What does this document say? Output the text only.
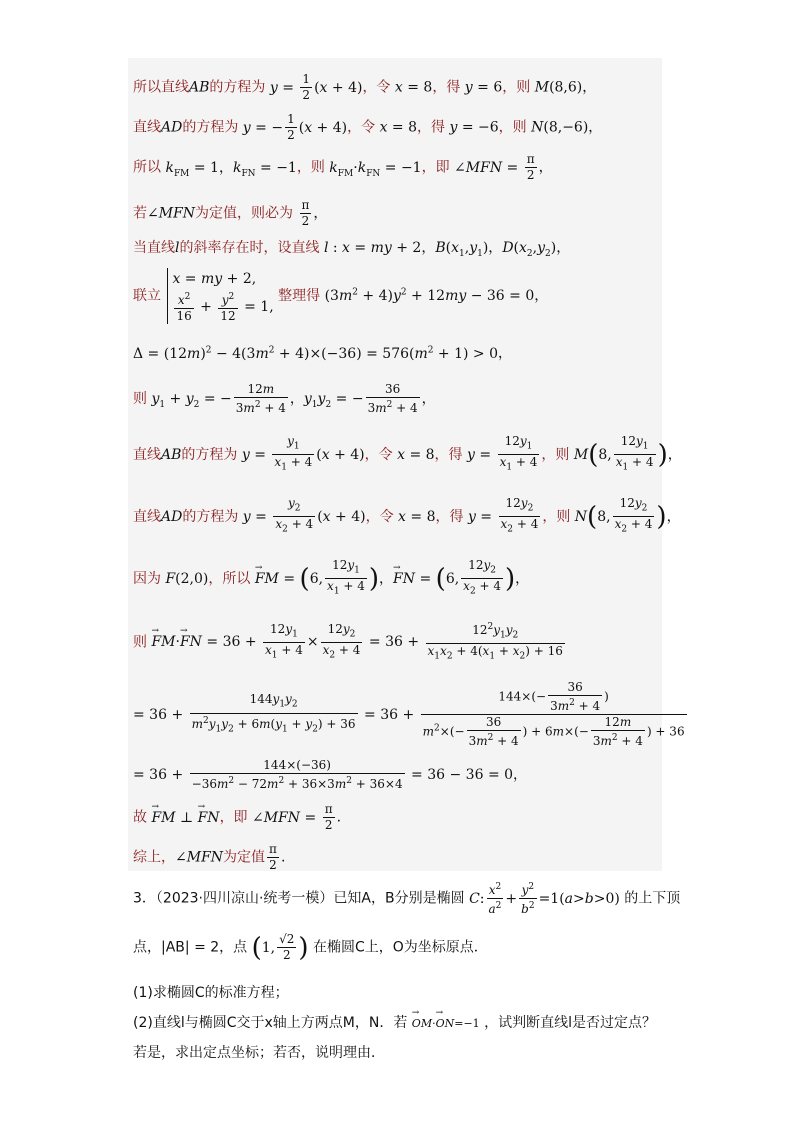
所以直线AB的方程为 $y = \frac{1}{2} (x + 4)$，令 x = 8，得 y = 6，则 M(8,6)，
直线AD的方程为 y = − $\frac{1}{2} (x + 4)$，令 x = 8，得 y = −6，则 N(8,−6)，
所以 $k_{FM} = 1$，$k_{FN} = -1$，则 $k_{FM}\cdot k_{FN} = -1$，即 ∠MFN = $\frac{\pi}{2}$ ，
若∠MFN为定值，则必为 $\frac{\pi}{2}$ ，
当直线l的斜率存在时，设直线 l : x = my + 2，$B(x_1,y_1)$，$D(x_2,y_2)$，
联立
x = my + 2,
$\frac{x^2}{16} + \frac{y^2}{12} = 1$,
整理得 $(3m^2 + 4)y^2 + 12my - 36 = 0$，
$\Delta = (12m)^2 - 4(3m^2 + 4)\times(-36) = 576(m^2 + 1) > 0$，
则 $y_1 + y_2$ = − $\frac{12m}{3m^2 + 4}$ ，$y_1y_2$ = − $\frac{36}{3m^2 + 4}$ ，
直线AB的方程为 $y = \frac{y_1}{x_1 + 4} (x + 4)$，令 x = 8，得 $y = \frac{12y_1}{x_1 + 4}$ ，则 M(8, $\frac{12y_1}{x_1 + 4}$ )，
直线AD的方程为 $y = \frac{y_2}{x_2 + 4} (x + 4)$，令 x = 8，得 $y = \frac{12y_2}{x_2 + 4}$ ，则 N(8, $\frac{12y_2}{x_2 + 4}$ )，
因为 F(2,0)，所以 → FM = (6, $\frac{12y_1}{x_1 + 4}$ )，→ FN = (6, $\frac{12y_2}{x_2 + 4}$ )，
则 → FM·→ FN = $36 + \frac{12y_1}{x_1 + 4} \times \frac{12y_2}{x_2 + 4} = 36 + \frac{12^2y_1y_2}{x_1x_2 + 4(x_1 + x_2) + 16}$
= $36 + \frac{144y_1y_2}{m^2y_1y_2 + 6m(y_1 + y_2) + 36} = 36 + \frac{144\times(- \frac{36}{3m^2 + 4} )}{m^2\times(- \frac{36}{3m^2 + 4} ) + 6m\times(- \frac{12m}{3m^2 + 4} ) + 36}$
= $36 + \frac{144\times(-36)}{-36m^2 - 72m^2 + 36\times 3m^2 + 36\times 4} = 36 - 36 = 0$，
故 → FM ⊥ → FN，即 ∠MFN = $\frac{\pi}{2}$ .
综上，∠MFN为定值 $\frac{\pi}{2}$ .
3．（2023·四川凉山·统考一模）已知A，B分别是椭圆 C: $\frac{x^2}{a^2} + \frac{y^2}{b^2} =1(a>b>0)$ 的上下顶
点，|AB| = 2，点 (1, $\frac{√2}{2}$ ) 在椭圆C上，O为坐标原点．
(1)求椭圆C的标准方程；
(2)直线l与椭圆C交于x轴上方两点M，N．若 → OM·→ ON=−1 ，试判断直线l是否过定点？
若是，求出定点坐标；若否，说明理由．
